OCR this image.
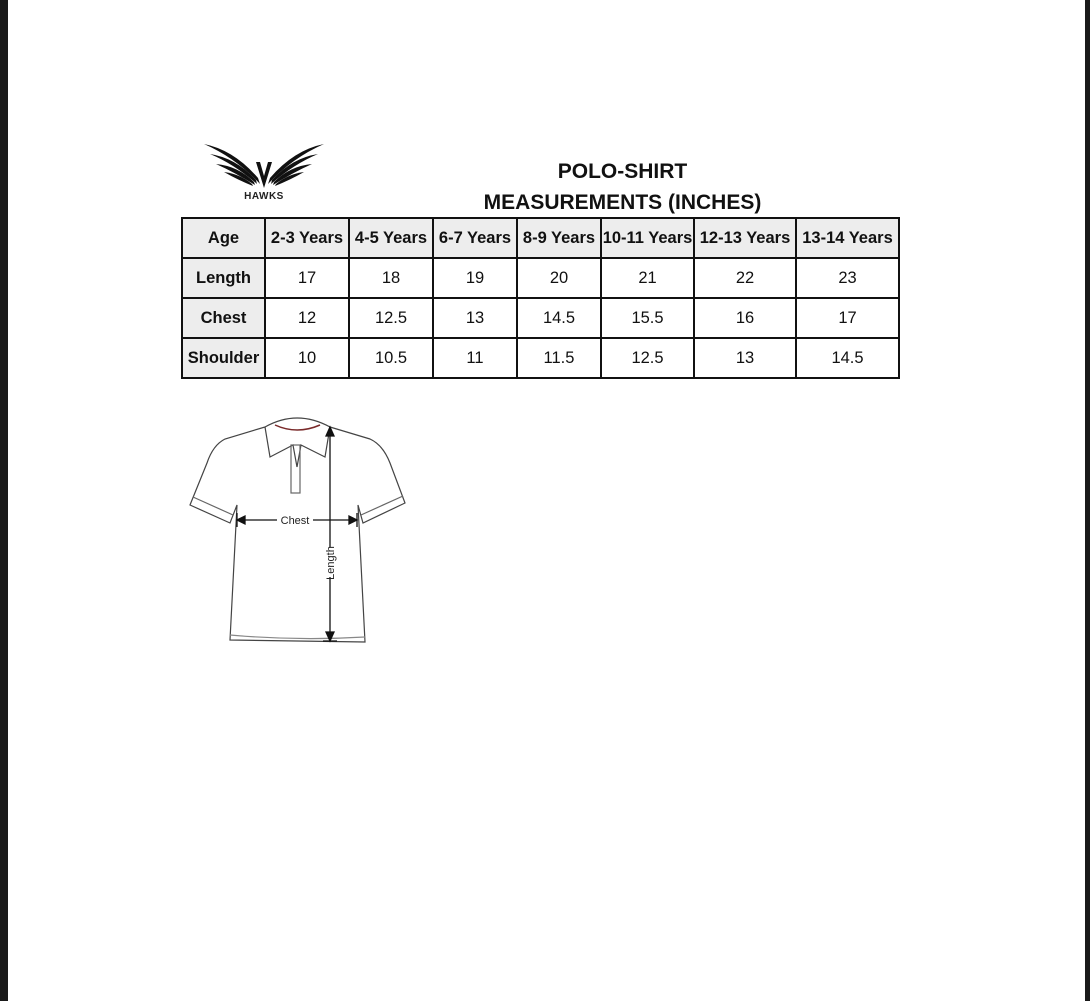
HAWKS
POLO-SHIRT
MEASUREMENTS (INCHES)
Age	2-3 Years	4-5 Years	6-7 Years	8-9 Years	10-11 Years	12-13 Years	13-14 Years
Length	17	18	19	20	21	22	23
Chest	12	12.5	13	14.5	15.5	16	17
Shoulder	10	10.5	11	11.5	12.5	13	14.5
Chest
Length
